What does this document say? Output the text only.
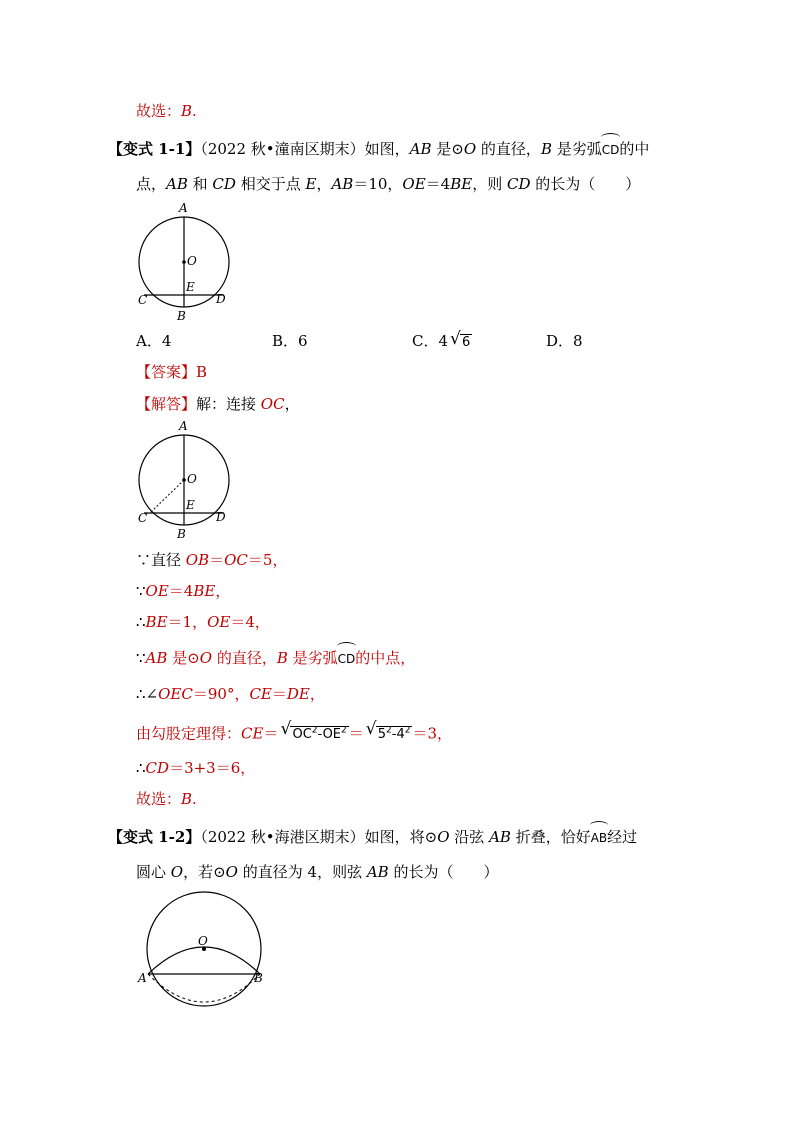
故选：B.
【变式 1-1】（2022 秋•潼南区期末）如图，AB 是⊙O 的直径，B 是劣弧CD的中
点，AB 和 CD 相交于点 E，AB＝10，OE＝4BE，则 CD 的长为（　　）
A
O
E
C	D
B
A．4	B．6	C．4 √ 6	D．8
【答案】B
【解答】解：连接 OC，
A
O
E
C	D
B
∵直径 OB＝OC＝5，
∵OE＝4BE，
∴BE＝1，OE＝4，
∵AB 是⊙O 的直径，B 是劣弧CD的中点，
∴∠OEC＝90°，CE＝DE，
由勾股定理得：CE＝ √ $OC^2-OE^2$ ＝ √ $5^2-4^2 =3$，
∴CD＝3+3＝6，
故选：B.
【变式 1-2】（2022 秋•海港区期末）如图，将⊙O 沿弦 AB 折叠，恰好AB经过
圆心 O，若⊙O 的直径为 4，则弦 AB 的长为（　　）
O
A	B
